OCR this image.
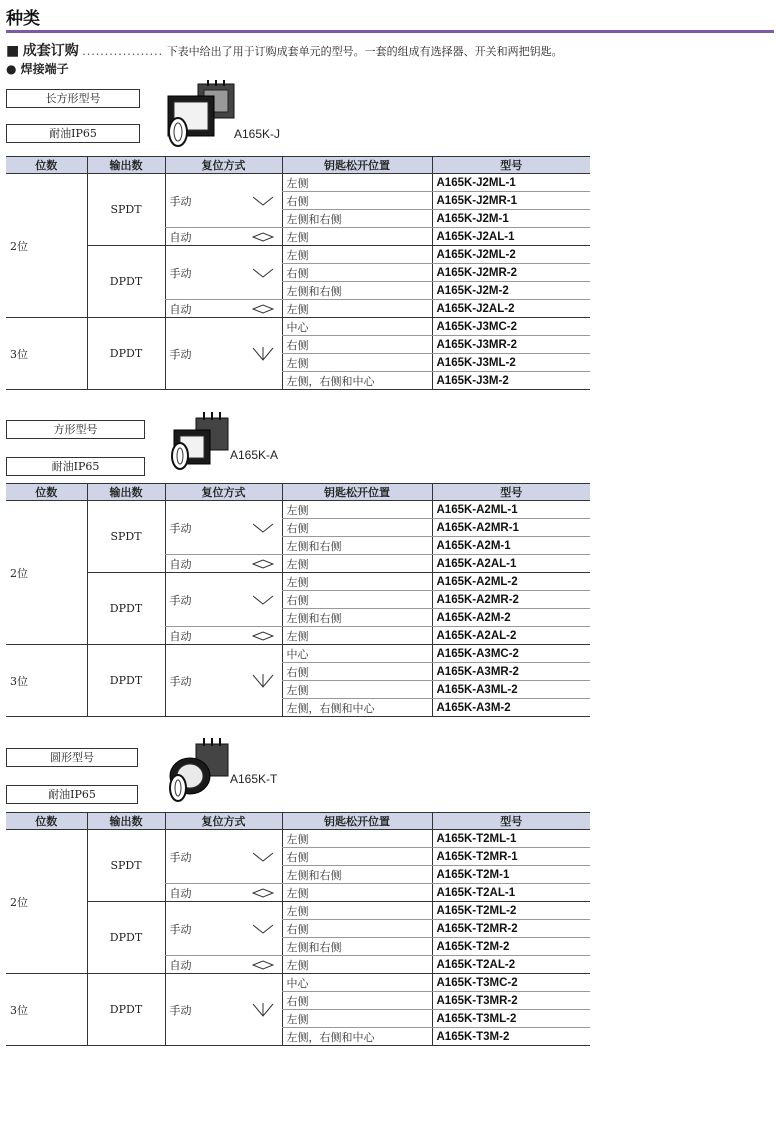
种类
■ 成套订购 .................. 下表中给出了用于订购成套单元的型号。一套的组成有选择器、开关和两把钥匙。
● 焊接端子
长方形型号
耐油IP65	A165K-J
位数	输出数	复位方式	钥匙松开位置	型号
2位	SPDT	手动	左侧	A165K-J2ML-1
			右侧	A165K-J2MR-1
			左侧和右侧	A165K-J2M-1

		自动	左侧	A165K-J2AL-1
	DPDT	手动	左侧	A165K-J2ML-2
			右侧	A165K-J2MR-2
			左侧和右侧	A165K-J2M-2

		自动	左侧	A165K-J2AL-2
3位	DPDT	手动	中心	A165K-J3MC-2
			右侧	A165K-J3MR-2
			左侧	A165K-J3ML-2
			左侧，右侧和中心	A165K-J3M-2
方形型号
耐油IP65
A165K-A
位数	输出数	复位方式	钥匙松开位置	型号
2位	SPDT	手动	左侧	A165K-A2ML-1
			右侧	A165K-A2MR-1
			左侧和右侧	A165K-A2M-1

		自动	左侧	A165K-A2AL-1
	DPDT	手动	左侧	A165K-A2ML-2
			右侧	A165K-A2MR-2
			左侧和右侧	A165K-A2M-2

		自动	左侧	A165K-A2AL-2
3位	DPDT	手动	中心	A165K-A3MC-2
			右侧	A165K-A3MR-2
			左侧	A165K-A3ML-2
			左侧，右侧和中心	A165K-A3M-2
圆形型号
耐油IP65
A165K-T
位数	输出数	复位方式	钥匙松开位置	型号
2位	SPDT	手动	左侧	A165K-T2ML-1
			右侧	A165K-T2MR-1
			左侧和右侧	A165K-T2M-1

		自动	左侧	A165K-T2AL-1
	DPDT	手动	左侧	A165K-T2ML-2
			右侧	A165K-T2MR-2
			左侧和右侧	A165K-T2M-2

		自动	左侧	A165K-T2AL-2
3位	DPDT	手动	中心	A165K-T3MC-2
			右侧	A165K-T3MR-2
			左侧	A165K-T3ML-2
			左侧，右侧和中心	A165K-T3M-2
